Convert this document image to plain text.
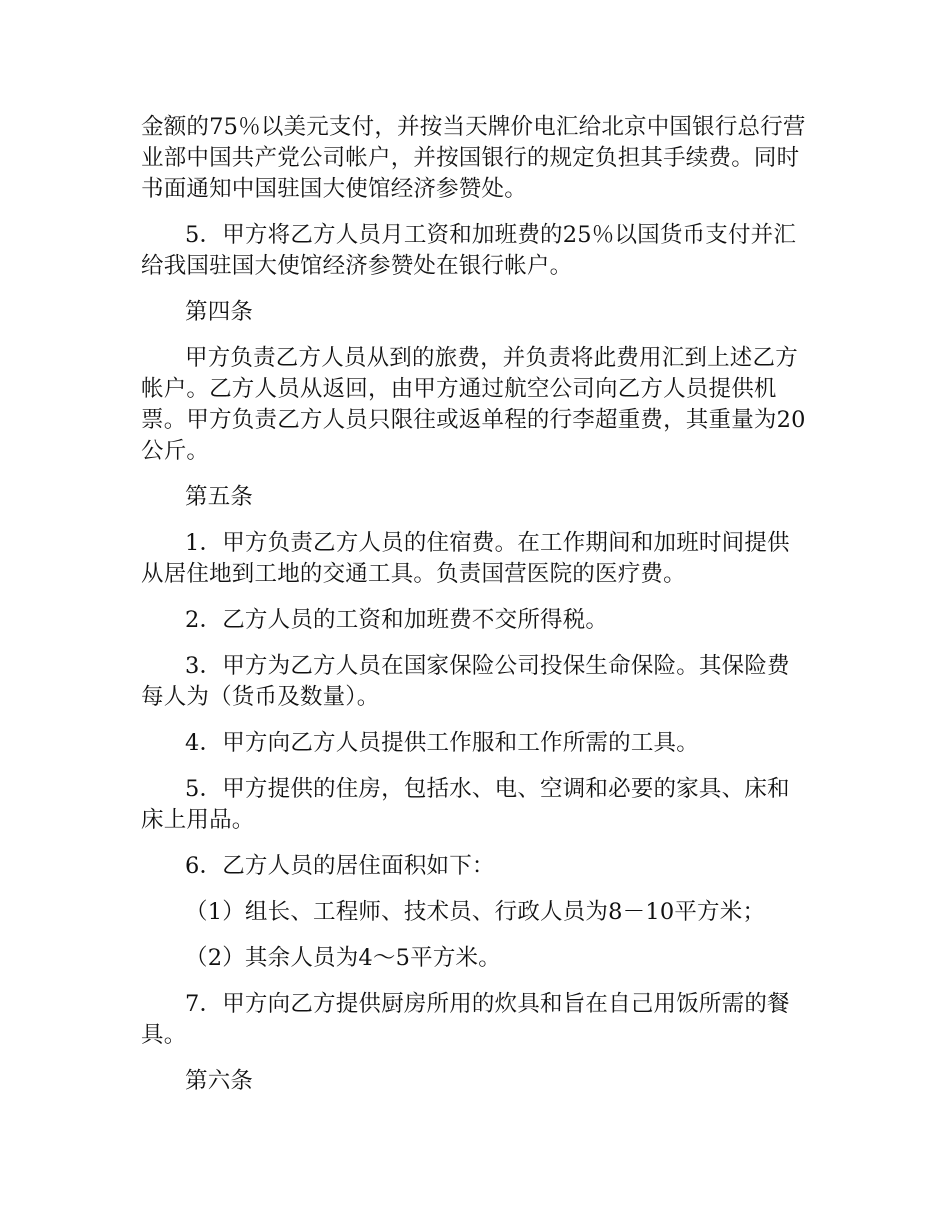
金额的75％以美元支付，并按当天牌价电汇给北京中国银行总行营业部中国共产党公司帐户，并按国银行的规定负担其手续费。同时书面通知中国驻国大使馆经济参赞处。

5．甲方将乙方人员月工资和加班费的25％以国货币支付并汇给我国驻国大使馆经济参赞处在银行帐户。

第四条

甲方负责乙方人员从到的旅费，并负责将此费用汇到上述乙方帐户。乙方人员从返回，由甲方通过航空公司向乙方人员提供机票。甲方负责乙方人员只限往或返单程的行李超重费，其重量为20公斤。

第五条

1．甲方负责乙方人员的住宿费。在工作期间和加班时间提供从居住地到工地的交通工具。负责国营医院的医疗费。

2．乙方人员的工资和加班费不交所得税。

3．甲方为乙方人员在国家保险公司投保生命保险。其保险费每人为（货币及数量）。

4．甲方向乙方人员提供工作服和工作所需的工具。

5．甲方提供的住房，包括水、电、空调和必要的家具、床和床上用品。

6．乙方人员的居住面积如下：

（1）组长、工程师、技术员、行政人员为8－10平方米；

（2）其余人员为4～5平方米。

7．甲方向乙方提供厨房所用的炊具和旨在自己用饭所需的餐具。

第六条
